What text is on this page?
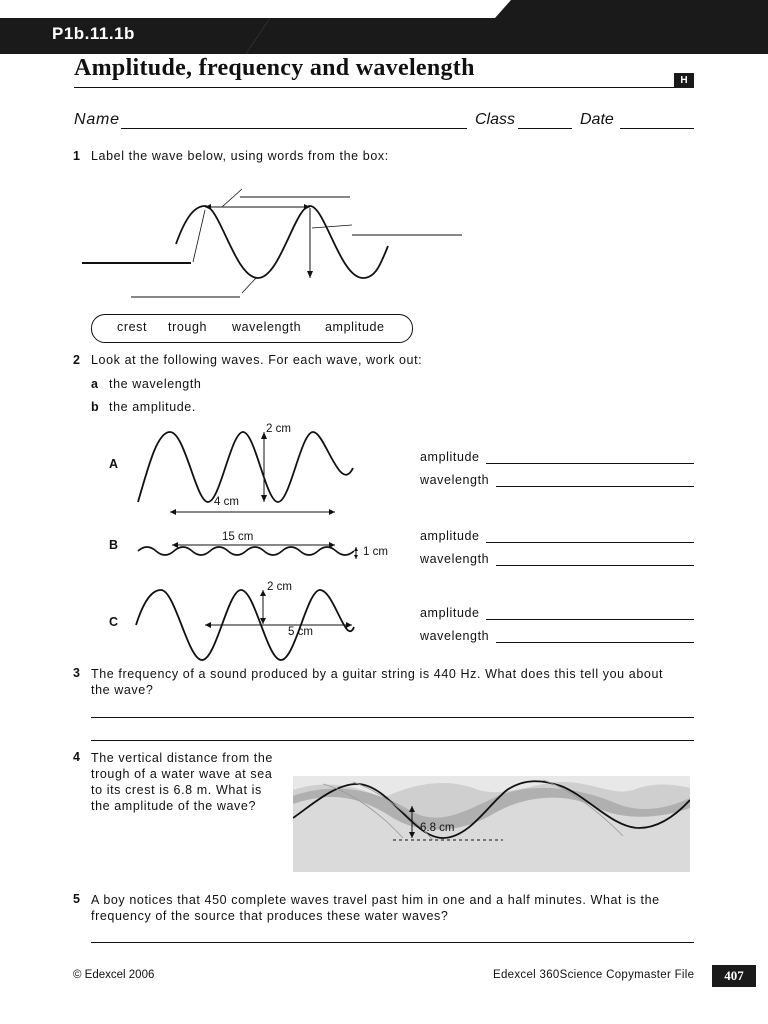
P1b.11.1b
Amplitude, frequency and wavelength	H
Name	Class	Date
1 Label the wave below, using words from the box:
crest trough wavelength amplitude
2 Look at the following waves. For each wave, work out:
a the wavelength
b the amplitude.
A
2 cm
4 cm
amplitude
wavelength
B
15 cm
1 cm
amplitude
wavelength
C
2 cm
5 cm
amplitude
wavelength
3 The frequency of a sound produced by a guitar string is 440 Hz. What does this tell you about the wave?
4 The vertical distance from the trough of a water wave at sea to its crest is 6.8 m. What is the amplitude of the wave?
6.8 cm
5 A boy notices that 450 complete waves travel past him in one and a half minutes. What is the frequency of the source that produces these water waves?
© Edexcel 2006	Edexcel 360Science Copymaster File	407
